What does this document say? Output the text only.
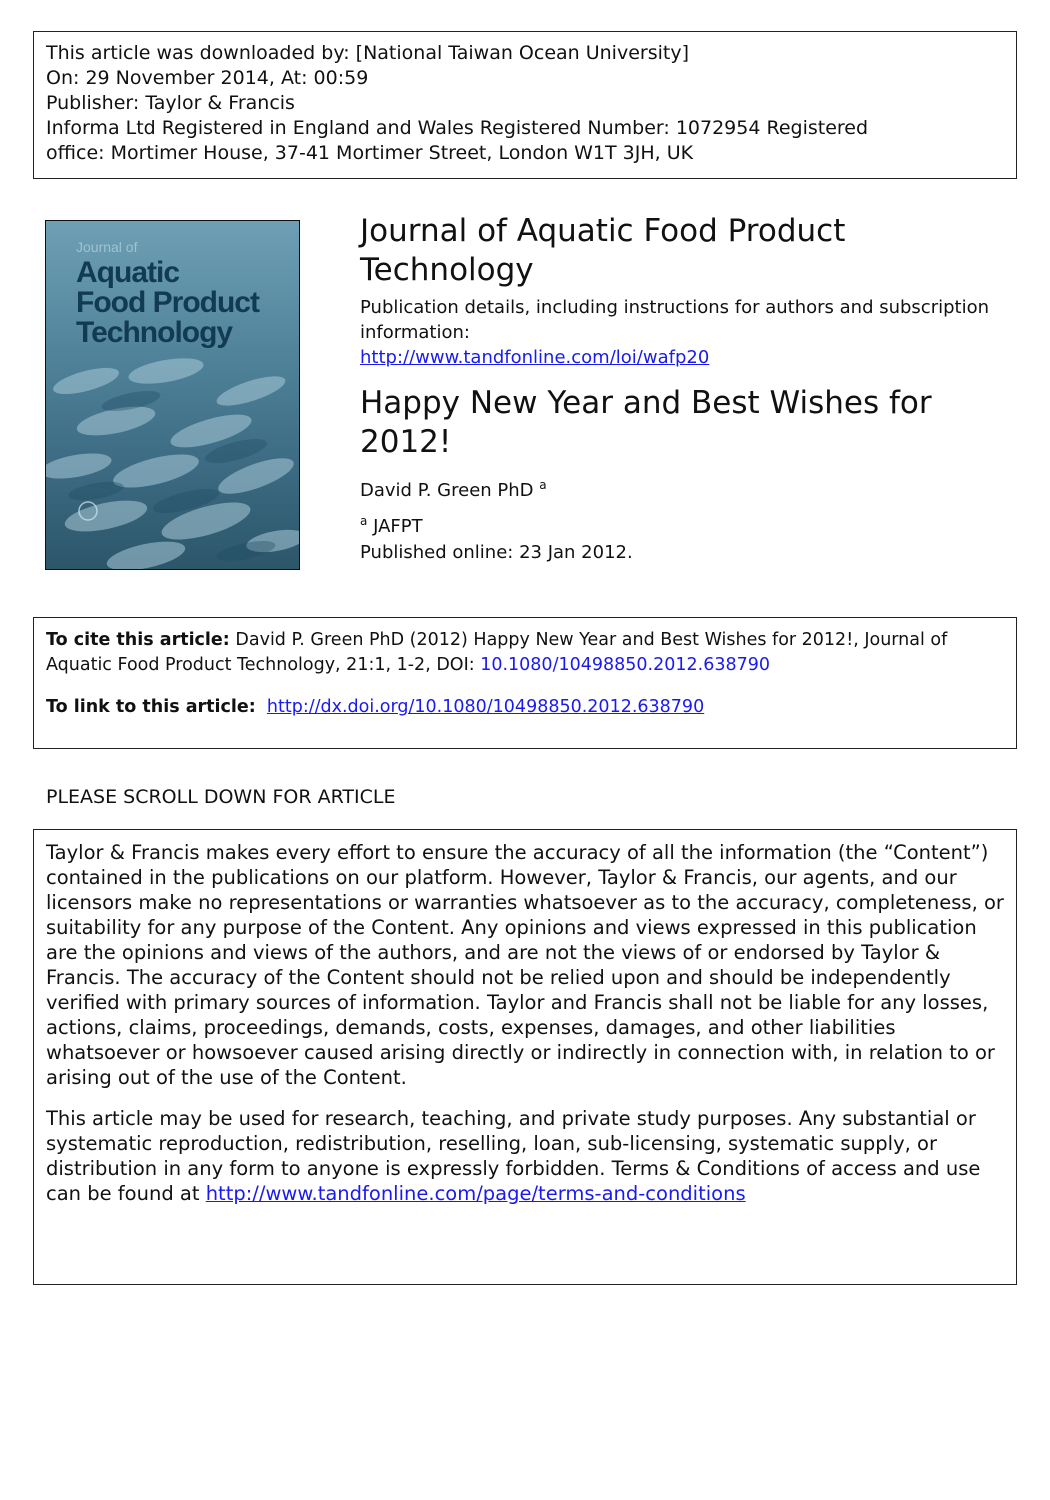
This article was downloaded by: [National Taiwan Ocean University]
On: 29 November 2014, At: 00:59
Publisher: Taylor & Francis
Informa Ltd Registered in England and Wales Registered Number: 1072954 Registered
office: Mortimer House, 37-41 Mortimer Street, London W1T 3JH, UK
Journal of
Aquatic
Food Product
Technology
Journal of Aquatic Food Product Technology
Publication details, including instructions for authors and subscription information:
http://www.tandfonline.com/loi/wafp20
Happy New Year and Best Wishes for 2012!
David P. Green PhD $^a$
$^a$ JAFPT
Published online: 23 Jan 2012.
To cite this article: David P. Green PhD (2012) Happy New Year and Best Wishes for 2012!, Journal of Aquatic Food Product Technology, 21:1, 1-2, DOI: 10.1080/10498850.2012.638790
To link to this article: http://dx.doi.org/10.1080/10498850.2012.638790
PLEASE SCROLL DOWN FOR ARTICLE
Taylor & Francis makes every effort to ensure the accuracy of all the information (the “Content”) contained in the publications on our platform. However, Taylor & Francis, our agents, and our licensors make no representations or warranties whatsoever as to the accuracy, completeness, or suitability for any purpose of the Content. Any opinions and views expressed in this publication are the opinions and views of the authors, and are not the views of or endorsed by Taylor & Francis. The accuracy of the Content should not be relied upon and should be independently verified with primary sources of information. Taylor and Francis shall not be liable for any losses, actions, claims, proceedings, demands, costs, expenses, damages, and other liabilities whatsoever or howsoever caused arising directly or indirectly in connection with, in relation to or arising out of the use of the Content.
This article may be used for research, teaching, and private study purposes. Any substantial or systematic reproduction, redistribution, reselling, loan, sub-licensing, systematic supply, or distribution in any form to anyone is expressly forbidden. Terms & Conditions of access and use can be found at http://www.tandfonline.com/page/terms-and-conditions
